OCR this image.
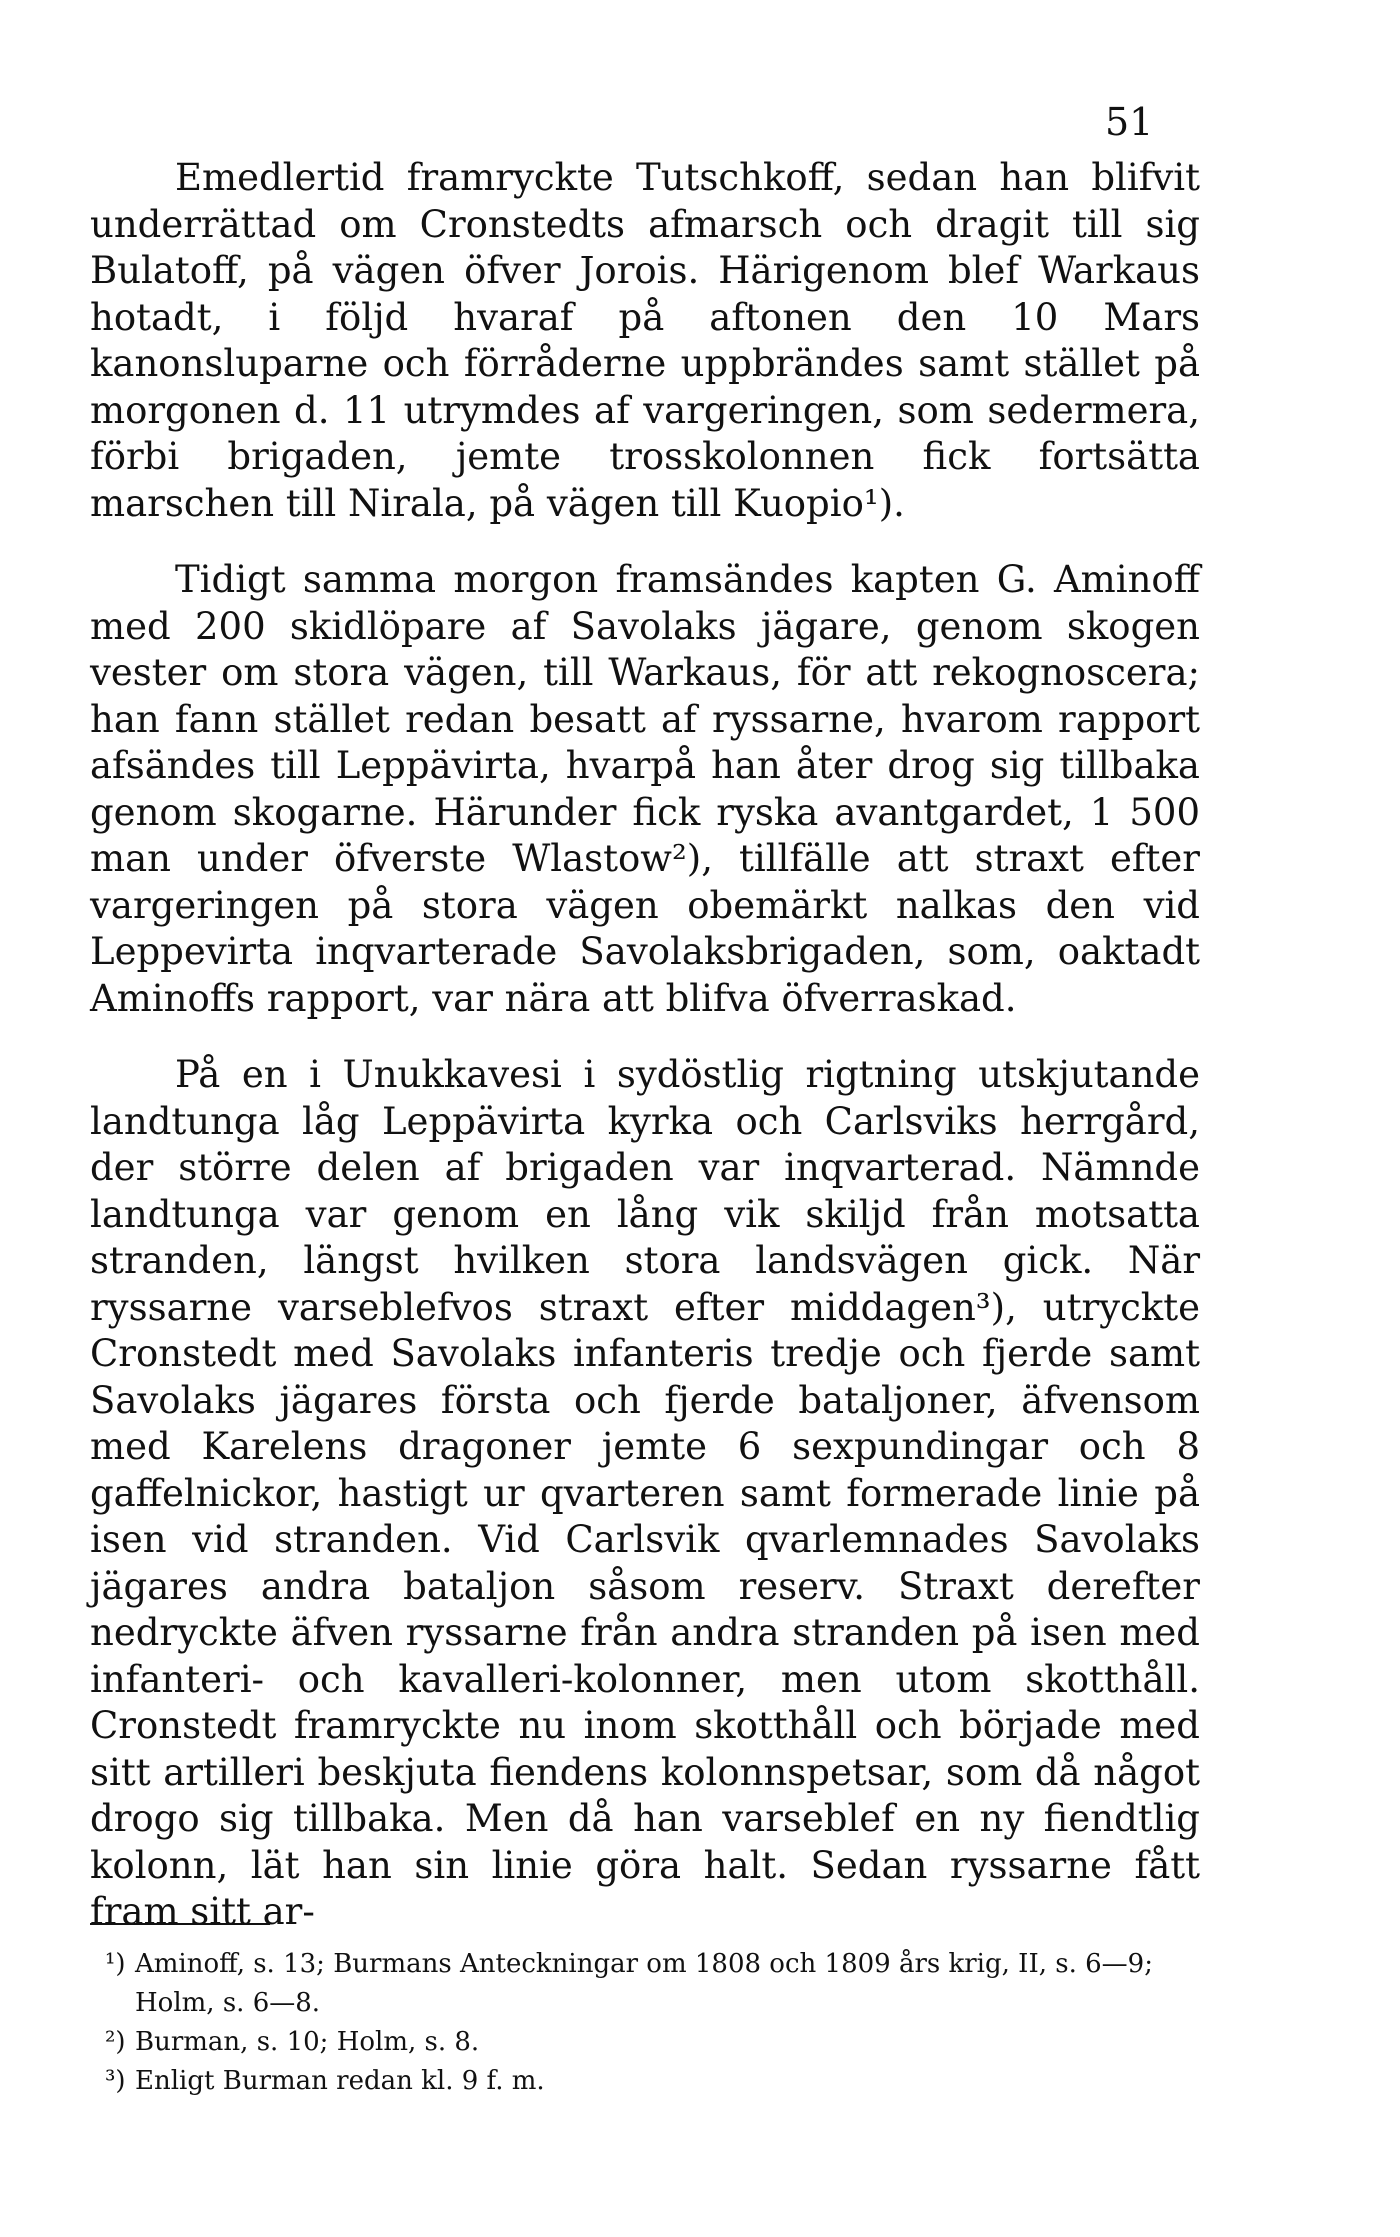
51

Emedlertid framryckte Tutschkoff, sedan han blifvit underrättad om Cronstedts afmarsch och dragit till sig Bulatoff, på vägen öfver Jorois. Härigenom blef Warkaus hotadt, i följd hvaraf på aftonen den 10 Mars kanonsluparne och förråderne uppbrändes samt stället på morgonen d. 11 utrymdes af vargeringen, som sedermera, förbi brigaden, jemte trosskolonnen fick fortsätta marschen till Nirala, på vägen till Kuopio¹).

Tidigt samma morgon framsändes kapten G. Aminoff med 200 skidlöpare af Savolaks jägare, genom skogen vester om stora vägen, till Warkaus, för att rekognoscera; han fann stället redan besatt af ryssarne, hvarom rapport afsändes till Leppävirta, hvarpå han åter drog sig tillbaka genom skogarne. Härunder fick ryska avantgardet, 1 500 man under öfverste Wlastow²), tillfälle att straxt efter vargeringen på stora vägen obemärkt nalkas den vid Leppevirta inqvarterade Savolaksbrigaden, som, oaktadt Aminoffs rapport, var nära att blifva öfverraskad.

På en i Unukkavesi i sydöstlig rigtning utskjutande landtunga låg Leppävirta kyrka och Carlsviks herrgård, der större delen af brigaden var inqvarterad. Nämnde landtunga var genom en lång vik skiljd från motsatta stranden, längst hvilken stora landsvägen gick. När ryssarne varseblefvos straxt efter middagen³), utryckte Cronstedt med Savolaks infanteris tredje och fjerde samt Savolaks jägares första och fjerde bataljoner, äfvensom med Karelens dragoner jemte 6 sexpundingar och 8 gaffelnickor, hastigt ur qvarteren samt formerade linie på isen vid stranden. Vid Carlsvik qvarlemnades Savolaks jägares andra bataljon såsom reserv. Straxt derefter nedryckte äfven ryssarne från andra stranden på isen med infanteri- och kavalleri-kolonner, men utom skotthåll. Cronstedt framryckte nu inom skotthåll och började med sitt artilleri beskjuta fiendens kolonnspetsar, som då något drogo sig tillbaka. Men då han varseblef en ny fiendtlig kolonn, lät han sin linie göra halt. Sedan ryssarne fått fram sitt ar-

¹) Aminoff, s. 13; Burmans Anteckningar om 1808 och 1809 års krig, II, s. 6—9; Holm, s. 6—8.

²) Burman, s. 10; Holm, s. 8.

³) Enligt Burman redan kl. 9 f. m.
